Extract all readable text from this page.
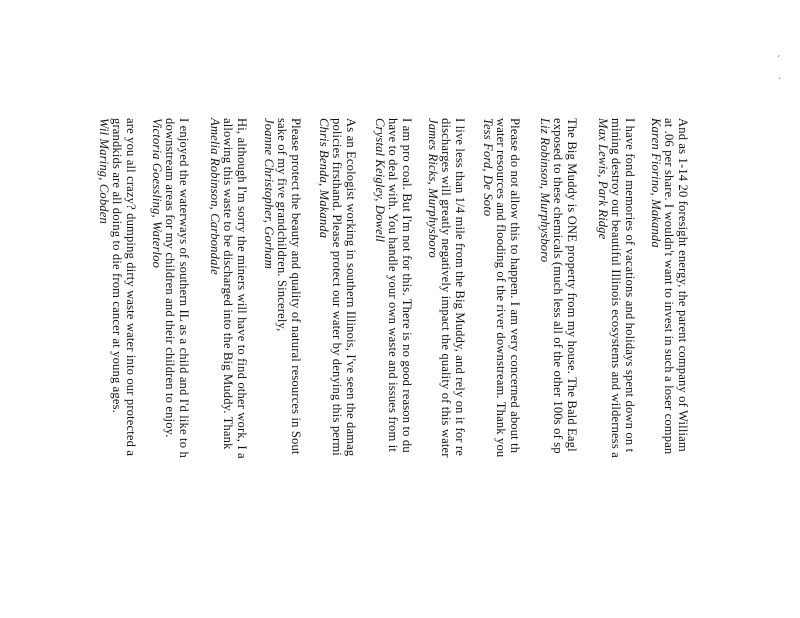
And as 1-14 20 foresight energy, the parent company of William
at .06 per share. I wouldn't want to invest in such a loser compan
Karen Fiorino, Makanda
I have fond memories of vacations and holidays spent down on t
mining destroy our beautiful Illinois ecosystems and wilderness a
Max Lewis, Park Ridge
The Big Muddy is ONE property from my house. The Bald Eagl
exposed to these chemicals (much less all of the other 100s of sp
Liz Robinson, Murphysboro
Please do not allow this to happen. I am very concerned about th
water resources and flooding of the river downstream. Thank you
Tess Ford, De Soto
I live less than 1/4 mile from the Big Muddy, and rely on it for re
discharges will greatly negatively impact the quality of this water
James Ricks, Murphysboro
I am pro coal. But I'm not for this. There is no good reason to du
have to deal with. You handle your own waste and issues from it
Crystal Keigley, Dowell
As an Ecologist working in southern Illinois, I've seen the damag
policies firsthand. Please protect our water by denying this permi
Chris Benda, Makanda
Please protect the beauty and quality of natural resources in Sout
sake of my five grandchildren. Sincerely,
Joanne Christopher, Gorham
Hi, although I'm sorry the miners will have to find other work, I a
allowing this waste to be discharged into the Big Muddy. Thank
Amelia Robinson, Carbondale
I enjoyed the waterways of southern IL as a child and I'd like to h
downstream areas for my children and their children to enjoy.
Victoria Goessling, Waterloo
are you all crazy? dumping dirty waste water into our protected a
grandkids are all doing to die from cancer at young ages.
Wil Maring, Cobden
ˊ
ˊ
